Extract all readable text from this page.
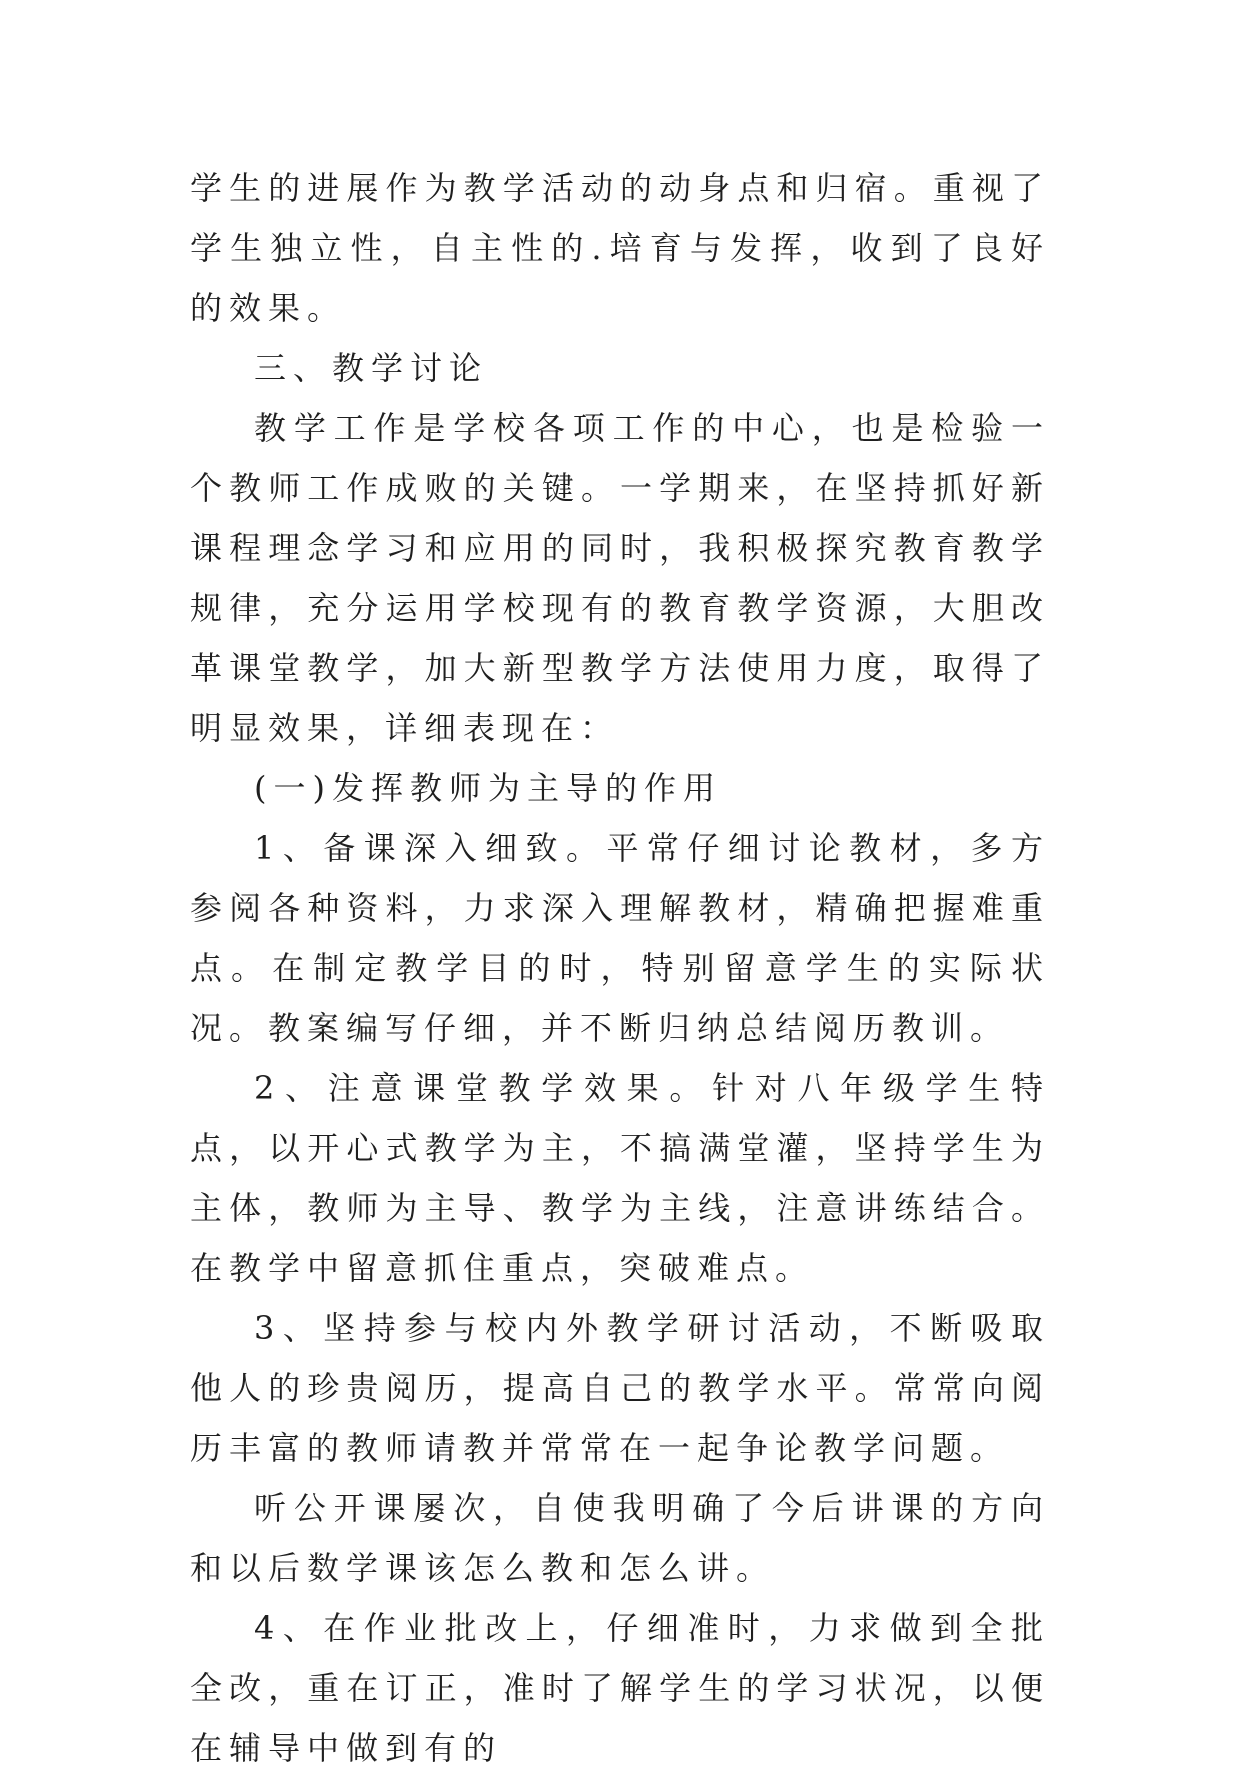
学生的进展作为教学活动的动身点和归宿。重视了学生独立性，自主性的.培育与发挥，收到了良好的效果。

三、教学讨论

教学工作是学校各项工作的中心，也是检验一个教师工作成败的关键。一学期来，在坚持抓好新课程理念学习和应用的同时，我积极探究教育教学规律，充分运用学校现有的教育教学资源，大胆改革课堂教学，加大新型教学方法使用力度，取得了明显效果，详细表现在：

(一)发挥教师为主导的作用

1、备课深入细致。平常仔细讨论教材，多方参阅各种资料，力求深入理解教材，精确把握难重点。在制定教学目的时，特别留意学生的实际状况。教案编写仔细，并不断归纳总结阅历教训。

2、注意课堂教学效果。针对八年级学生特点，以开心式教学为主，不搞满堂灌，坚持学生为主体，教师为主导、教学为主线，注意讲练结合。在教学中留意抓住重点，突破难点。

3、坚持参与校内外教学研讨活动，不断吸取他人的珍贵阅历，提高自己的教学水平。常常向阅历丰富的教师请教并常常在一起争论教学问题。

听公开课屡次，自使我明确了今后讲课的方向和以后数学课该怎么教和怎么讲。

4、在作业批改上，仔细准时，力求做到全批全改，重在订正，准时了解学生的学习状况，以便在辅导中做到有的
